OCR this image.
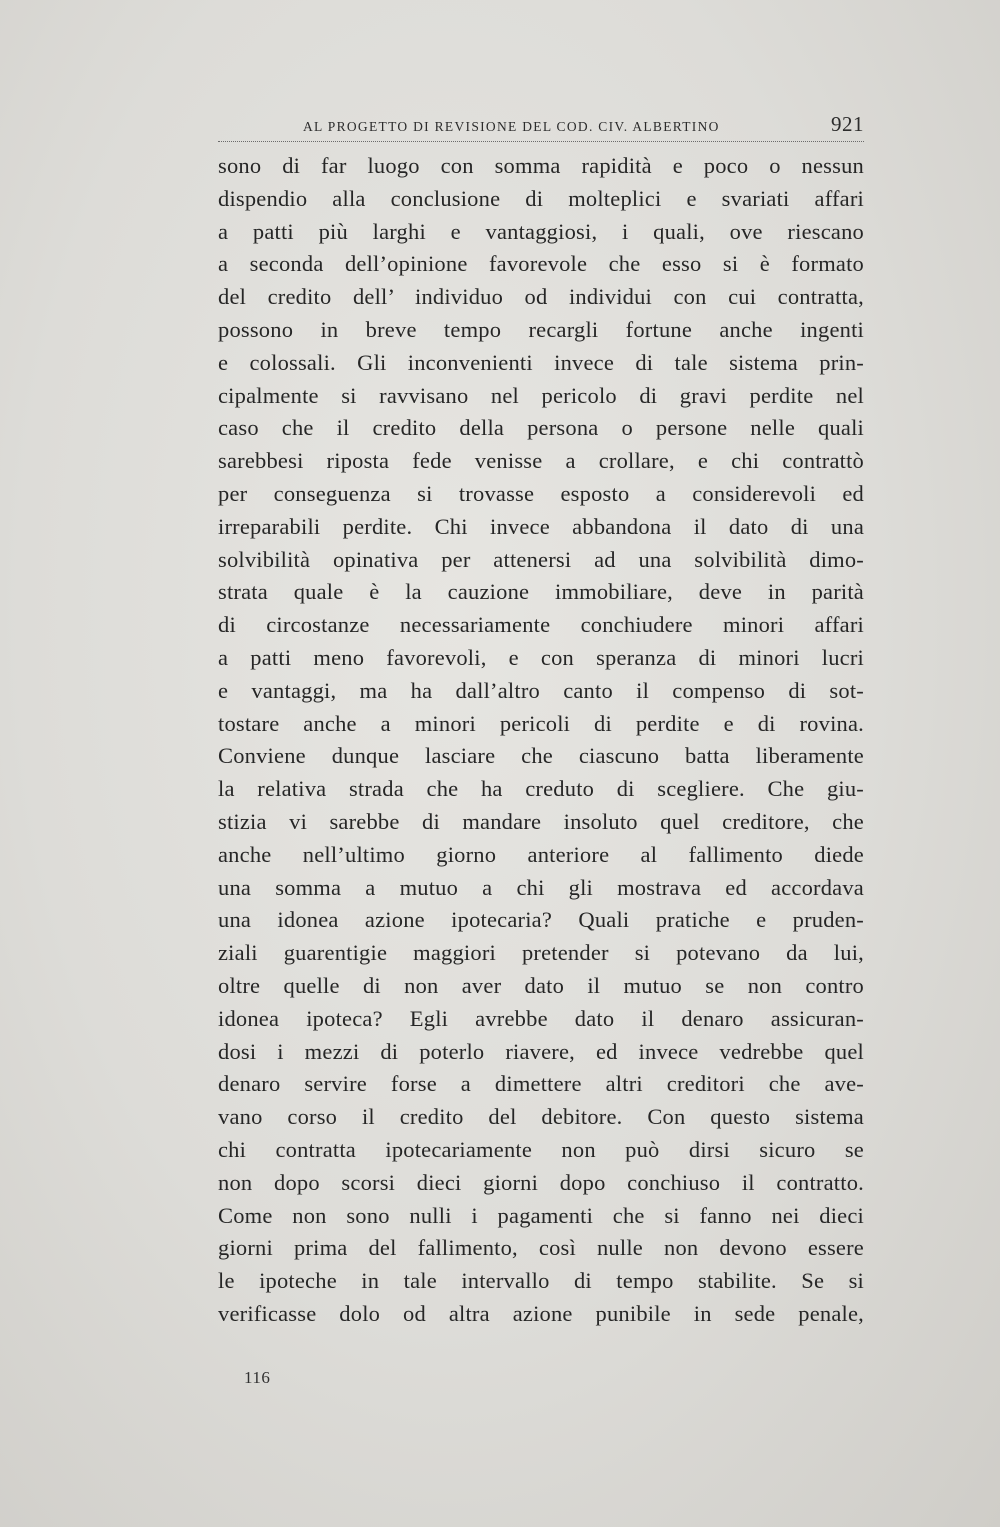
AL PROGETTO DI REVISIONE DEL COD. CIV. ALBERTINO	921
sono di far luogo con somma rapidità e poco o nessun
dispendio alla conclusione di molteplici e svariati affari
a patti più larghi e vantaggiosi, i quali, ove riescano
a seconda dell’opinione favorevole che esso si è formato
del credito dell’ individuo od individui con cui contratta,
possono in breve tempo recargli fortune anche ingenti
e colossali. Gli inconvenienti invece di tale sistema prin-
cipalmente si ravvisano nel pericolo di gravi perdite nel
caso che il credito della persona o persone nelle quali
sarebbesi riposta fede venisse a crollare, e chi contrattò
per conseguenza si trovasse esposto a considerevoli ed
irreparabili perdite. Chi invece abbandona il dato di una
solvibilità opinativa per attenersi ad una solvibilità dimo-
strata quale è la cauzione immobiliare, deve in parità
di circostanze necessariamente conchiudere minori affari
a patti meno favorevoli, e con speranza di minori lucri
e vantaggi, ma ha dall’altro canto il compenso di sot-
tostare anche a minori pericoli di perdite e di rovina.
Conviene dunque lasciare che ciascuno batta liberamente
la relativa strada che ha creduto di scegliere. Che giu-
stizia vi sarebbe di mandare insoluto quel creditore, che
anche nell’ultimo giorno anteriore al fallimento diede
una somma a mutuo a chi gli mostrava ed accordava
una idonea azione ipotecaria? Quali pratiche e pruden-
ziali guarentigie maggiori pretender si potevano da lui,
oltre quelle di non aver dato il mutuo se non contro
idonea ipoteca? Egli avrebbe dato il denaro assicuran-
dosi i mezzi di poterlo riavere, ed invece vedrebbe quel
denaro servire forse a dimettere altri creditori che ave-
vano corso il credito del debitore. Con questo sistema
chi contratta ipotecariamente non può dirsi sicuro se
non dopo scorsi dieci giorni dopo conchiuso il contratto.
Come non sono nulli i pagamenti che si fanno nei dieci
giorni prima del fallimento, così nulle non devono essere
le ipoteche in tale intervallo di tempo stabilite. Se si
verificasse dolo od altra azione punibile in sede penale,
116
